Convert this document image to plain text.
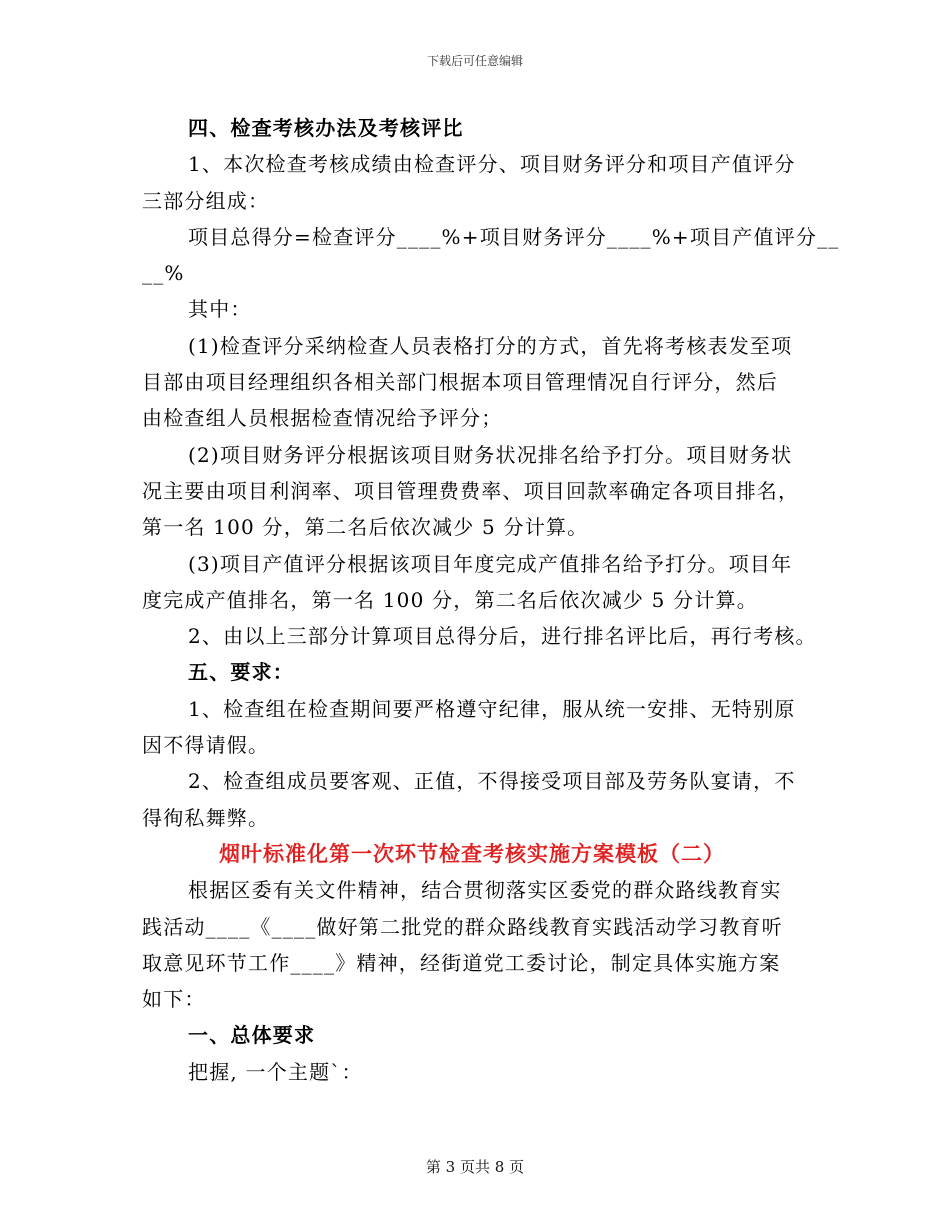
下载后可任意编辑
四、检查考核办法及考核评比
1、本次检查考核成绩由检查评分、项目财务评分和项目产值评分
三部分组成：
项目总得分=检查评分____%+项目财务评分____%+项目产值评分__
__%
其中：
(1)检查评分采纳检查人员表格打分的方式，首先将考核表发至项
目部由项目经理组织各相关部门根据本项目管理情况自行评分，然后
由检查组人员根据检查情况给予评分；
(2)项目财务评分根据该项目财务状况排名给予打分。项目财务状
况主要由项目利润率、项目管理费费率、项目回款率确定各项目排名，
第一名 100 分，第二名后依次减少 5 分计算。
(3)项目产值评分根据该项目年度完成产值排名给予打分。项目年
度完成产值排名，第一名 100 分，第二名后依次减少 5 分计算。
2、由以上三部分计算项目总得分后，进行排名评比后，再行考核。
五、要求：
1、检查组在检查期间要严格遵守纪律，服从统一安排、无特别原
因不得请假。
2、检查组成员要客观、正值，不得接受项目部及劳务队宴请，不
得徇私舞弊。
烟叶标准化第一次环节检查考核实施方案模板（二）
根据区委有关文件精神，结合贯彻落实区委党的群众路线教育实
践活动____《____做好第二批党的群众路线教育实践活动学习教育听
取意见环节工作____》精神，经街道党工委讨论，制定具体实施方案
如下：
一、总体要求
把握, 一个主题`：
第 3 页共 8 页
